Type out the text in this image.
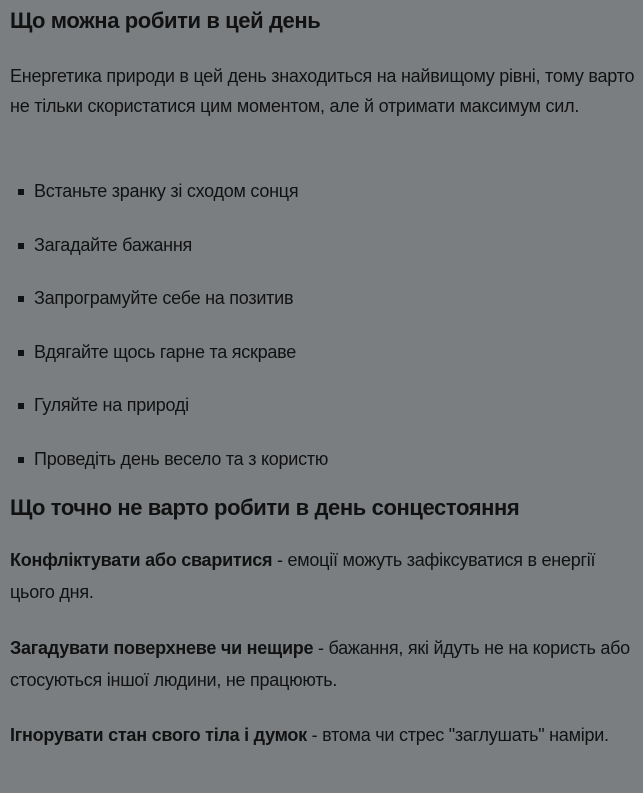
Що можна робити в цей день

Енергетика природи в цей день знаходиться на найвищому рівні, тому варто не тільки скористатися цим моментом, але й отримати максимум сил.

Встаньте зранку зі сходом сонця
Загадайте бажання
Запрограмуйте себе на позитив
Вдягайте щось гарне та яскраве
Гуляйте на природі
Проведіть день весело та з користю
Що точно не варто робити в день сонцестояння

Конфліктувати або сваритися - емоції можуть зафіксуватися в енергії цього дня.

Загадувати поверхневе чи нещире - бажання, які йдуть не на користь або стосуються іншої людини, не працюють.

Ігнорувати стан свого тіла і думок - втома чи стрес "заглушать" наміри.
